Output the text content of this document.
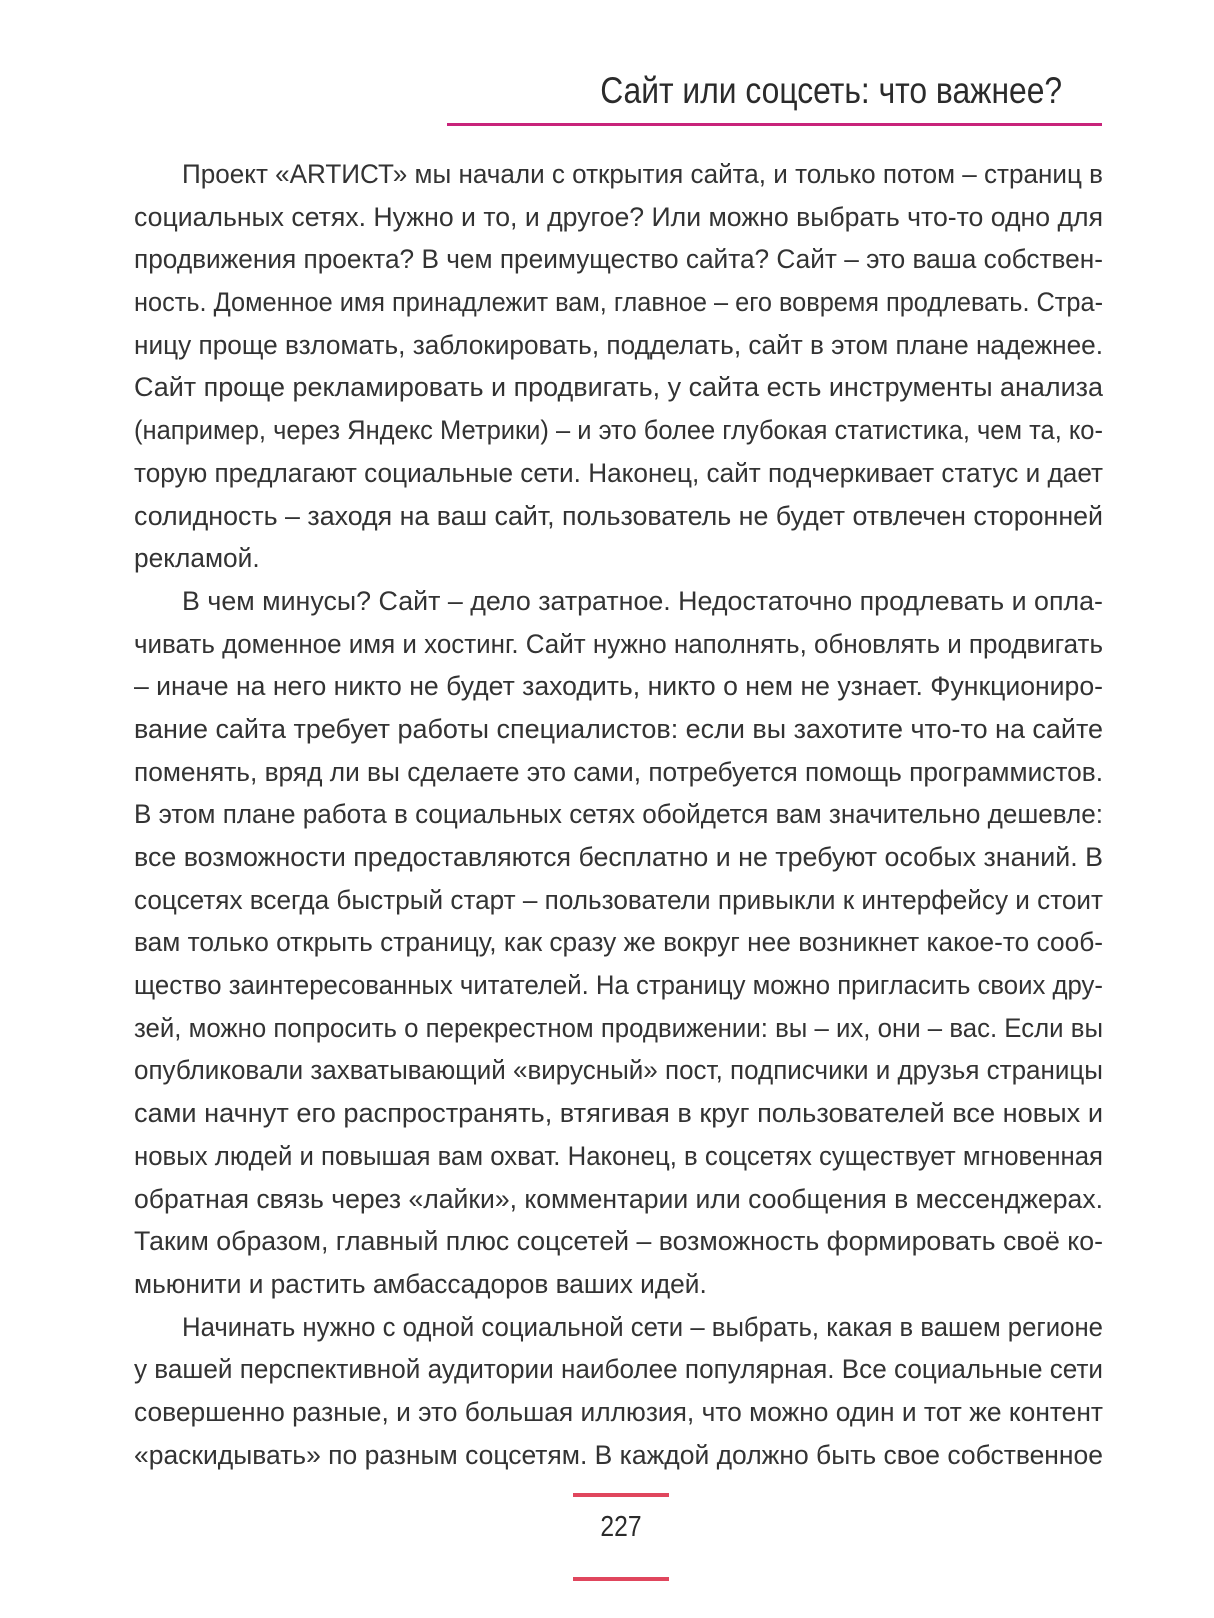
Сайт или соцсеть: что важнее?
Проект «ARTИСТ» мы начали с открытия сайта, и только потом – страниц в
социальных сетях. Нужно и то, и другое? Или можно выбрать что-то одно для
продвижения проекта? В чем преимущество сайта? Сайт – это ваша собствен-
ность. Доменное имя принадлежит вам, главное – его вовремя продлевать. Стра-
ницу проще взломать, заблокировать, подделать, сайт в этом плане надежнее.
Сайт проще рекламировать и продвигать, у сайта есть инструменты анализа
(например, через Яндекс Метрики) – и это более глубокая статистика, чем та, ко-
торую предлагают социальные сети. Наконец, сайт подчеркивает статус и дает
солидность – заходя на ваш сайт, пользователь не будет отвлечен сторонней
рекламой.
В чем минусы? Сайт – дело затратное. Недостаточно продлевать и опла-
чивать доменное имя и хостинг. Сайт нужно наполнять, обновлять и продвигать
– иначе на него никто не будет заходить, никто о нем не узнает. Функциониро-
вание сайта требует работы специалистов: если вы захотите что-то на сайте
поменять, вряд ли вы сделаете это сами, потребуется помощь программистов.
В этом плане работа в социальных сетях обойдется вам значительно дешевле:
все возможности предоставляются бесплатно и не требуют особых знаний. В
соцсетях всегда быстрый старт – пользователи привыкли к интерфейсу и стоит
вам только открыть страницу, как сразу же вокруг нее возникнет какое-то сооб-
щество заинтересованных читателей. На страницу можно пригласить своих дру-
зей, можно попросить о перекрестном продвижении: вы – их, они – вас. Если вы
опубликовали захватывающий «вирусный» пост, подписчики и друзья страницы
сами начнут его распространять, втягивая в круг пользователей все новых и
новых людей и повышая вам охват. Наконец, в соцсетях существует мгновенная
обратная связь через «лайки», комментарии или сообщения в мессенджерах.
Таким образом, главный плюс соцсетей – возможность формировать своё ко-
мьюнити и растить амбассадоров ваших идей.
Начинать нужно с одной социальной сети – выбрать, какая в вашем регионе
у вашей перспективной аудитории наиболее популярная. Все социальные сети
совершенно разные, и это большая иллюзия, что можно один и тот же контент
«раскидывать» по разным соцсетям. В каждой должно быть свое собственное
227
